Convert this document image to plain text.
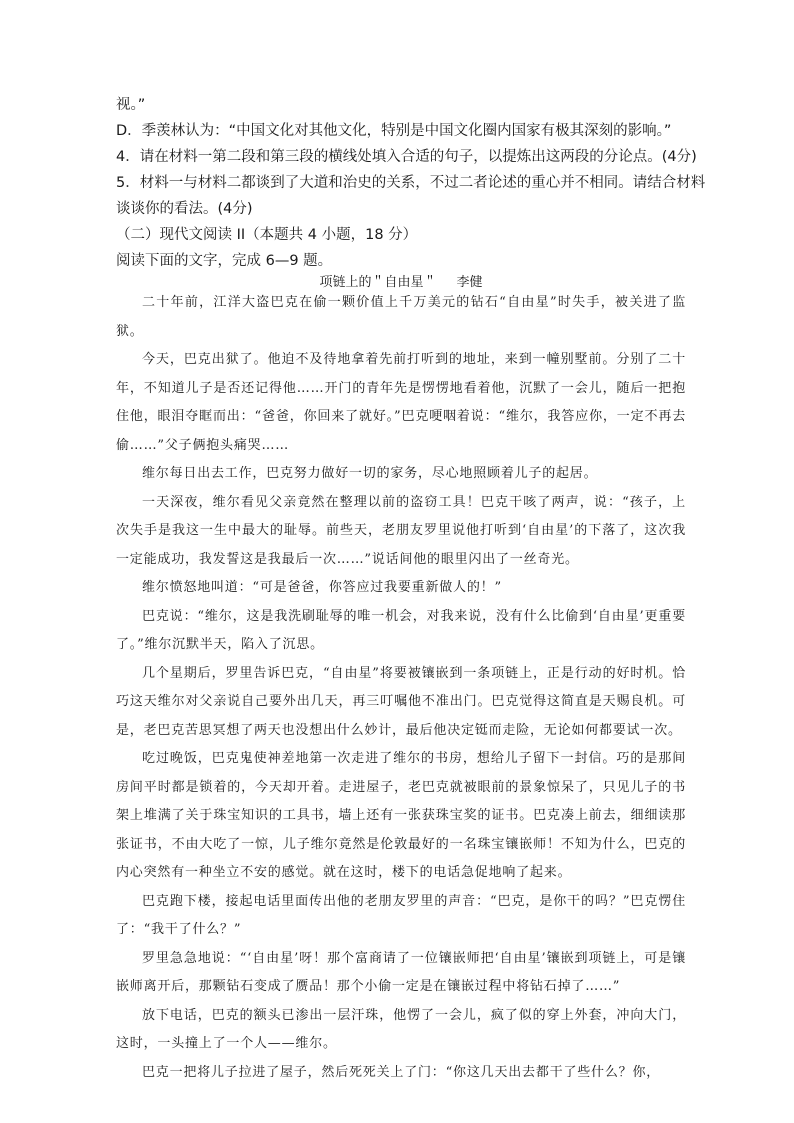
视。”

D．季羡林认为：“中国文化对其他文化，特别是中国文化圈内国家有极其深刻的影响。”

4．请在材料一第二段和第三段的横线处填入合适的句子，以提炼出这两段的分论点。(4分)

5．材料一与材料二都谈到了大道和治史的关系，不过二者论述的重心并不相同。请结合材料

谈谈你的看法。(4分)

（二）现代文阅读 II（本题共 4 小题，18 分）

阅读下面的文字，完成 6—9 题。

项链上的＂自由星＂ 李健

二十年前，江洋大盗巴克在偷一颗价值上千万美元的钻石“自由星”时失手，被关进了监狱。

今天，巴克出狱了。他迫不及待地拿着先前打听到的地址，来到一幢别墅前。分别了二十年，不知道儿子是否还记得他……开门的青年先是愣愣地看着他，沉默了一会儿，随后一把抱住他，眼泪夺眶而出：“爸爸，你回来了就好。”巴克哽咽着说：“维尔，我答应你，一定不再去偷……”父子俩抱头痛哭……

维尔每日出去工作，巴克努力做好一切的家务，尽心地照顾着儿子的起居。

一天深夜，维尔看见父亲竟然在整理以前的盗窃工具！巴克干咳了两声，说：“孩子，上次失手是我这一生中最大的耻辱。前些天，老朋友罗里说他打听到‘自由星’的下落了，这次我一定能成功，我发誓这是我最后一次……”说话间他的眼里闪出了一丝奇光。

维尔愤怒地叫道：“可是爸爸，你答应过我要重新做人的！”

巴克说：“维尔，这是我洗刷耻辱的唯一机会，对我来说，没有什么比偷到‘自由星’更重要了。”维尔沉默半天，陷入了沉思。

几个星期后，罗里告诉巴克，“自由星”将要被镶嵌到一条项链上，正是行动的好时机。恰巧这天维尔对父亲说自己要外出几天，再三叮嘱他不准出门。巴克觉得这简直是天赐良机。可是，老巴克苦思冥想了两天也没想出什么妙计，最后他决定铤而走险，无论如何都要试一次。

吃过晚饭，巴克鬼使神差地第一次走进了维尔的书房，想给儿子留下一封信。巧的是那间房间平时都是锁着的，今天却开着。走进屋子，老巴克就被眼前的景象惊呆了，只见儿子的书架上堆满了关于珠宝知识的工具书，墙上还有一张获珠宝奖的证书。巴克凑上前去，细细读那张证书，不由大吃了一惊，儿子维尔竟然是伦敦最好的一名珠宝镶嵌师！不知为什么，巴克的内心突然有一种坐立不安的感觉。就在这时，楼下的电话急促地响了起来。

巴克跑下楼，接起电话里面传出他的老朋友罗里的声音：“巴克，是你干的吗？”巴克愣住了：“我干了什么？”

罗里急急地说：“‘自由星’呀！那个富商请了一位镶嵌师把‘自由星’镶嵌到项链上，可是镶嵌师离开后，那颗钻石变成了赝品！那个小偷一定是在镶嵌过程中将钻石掉了……”

放下电话，巴克的额头已渗出一层汗珠，他愣了一会儿，疯了似的穿上外套，冲向大门，这时，一头撞上了一个人——维尔。

巴克一把将儿子拉进了屋子，然后死死关上了门：“你这几天出去都干了些什么？你，
